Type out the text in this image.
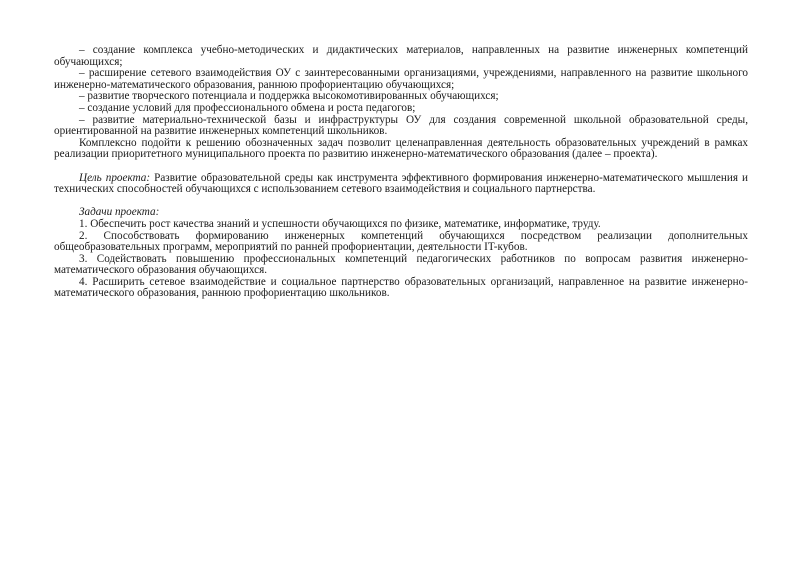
– создание комплекса учебно-методических и дидактических материалов, направленных на развитие инженерных компетенций обучающихся;

– расширение сетевого взаимодействия ОУ с заинтересованными организациями, учреждениями, направленного на развитие школьного инженерно-математического образования, раннюю профориентацию обучающихся;

– развитие творческого потенциала и поддержка высокомотивированных обучающихся;

– создание условий для профессионального обмена и роста педагогов;

– развитие материально-технической базы и инфраструктуры ОУ для создания современной школьной образовательной среды, ориентированной на развитие инженерных компетенций школьников.

Комплексно подойти к решению обозначенных задач позволит целенаправленная деятельность образовательных учреждений в рамках реализации приоритетного муниципального проекта по развитию инженерно-математического образования (далее – проекта).

Цель проекта: Развитие образовательной среды как инструмента эффективного формирования инженерно-математического мышления и технических способностей обучающихся с использованием сетевого взаимодействия и социального партнерства.

Задачи проекта:

1. Обеспечить рост качества знаний и успешности обучающихся по физике, математике, информатике, труду.

2. Способствовать формированию инженерных компетенций обучающихся посредством реализации дополнительных общеобразовательных программ, мероприятий по ранней профориентации, деятельности IT-кубов.

3. Содействовать повышению профессиональных компетенций педагогических работников по вопросам развития инженерно-математического образования обучающихся.

4. Расширить сетевое взаимодействие и социальное партнерство образовательных организаций, направленное на развитие инженерно-математического образования, раннюю профориентацию школьников.
